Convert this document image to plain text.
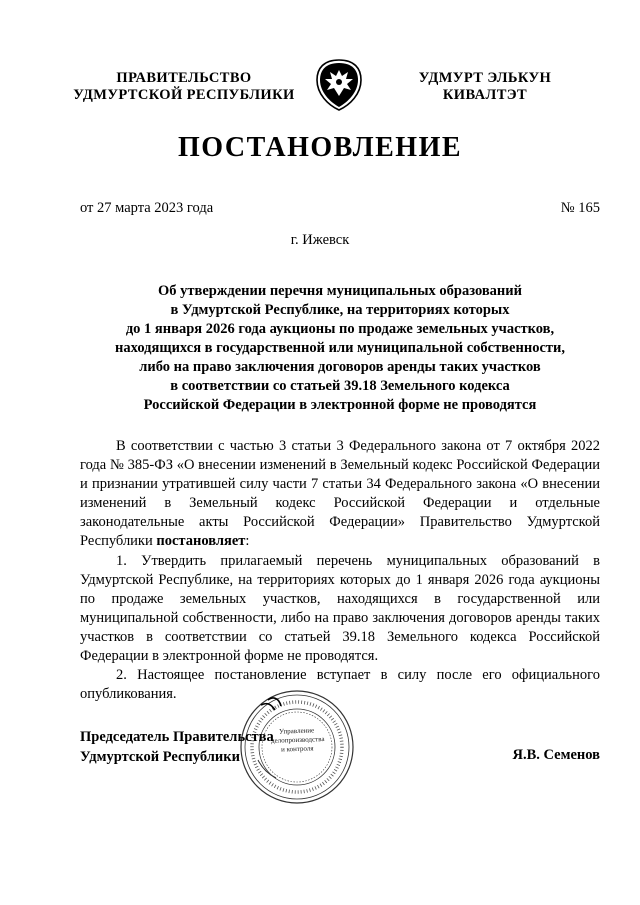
ПРАВИТЕЛЬСТВО
УДМУРТСКОЙ РЕСПУБЛИКИ
УДМУРТ ЭЛЬКУН
КИВАЛТЭТ
ПОСТАНОВЛЕНИЕ
от 27 марта 2023 года	№ 165
г. Ижевск
Об утверждении перечня муниципальных образований
в Удмуртской Республике, на территориях которых
до 1 января 2026 года аукционы по продаже земельных участков,
находящихся в государственной или муниципальной собственности,
либо на право заключения договоров аренды таких участков
в соответствии со статьей 39.18 Земельного кодекса
Российской Федерации в электронной форме не проводятся

В соответствии с частью 3 статьи 3 Федерального закона от 7 октября 2022 года № 385-ФЗ «О внесении изменений в Земельный кодекс Российской Федерации и признании утратившей силу части 7 статьи 34 Федерального закона «О внесении изменений в Земельный кодекс Российской Федерации и отдельные законодательные акты Российской Федерации» Правительство Удмуртской Республики постановляет:

1. Утвердить прилагаемый перечень муниципальных образований в Удмуртской Республике, на территориях которых до 1 января 2026 года аукционы по продаже земельных участков, находящихся в государственной или муниципальной собственности, либо на право заключения договоров аренды таких участков в соответствии со статьей 39.18 Земельного кодекса Российской Федерации в электронной форме не проводятся.

2. Настоящее постановление вступает в силу после его официального опубликования.

Управление
делопроизводства
и контроля
Председатель Правительства
Удмуртской Республики	Я.В. Семенов
